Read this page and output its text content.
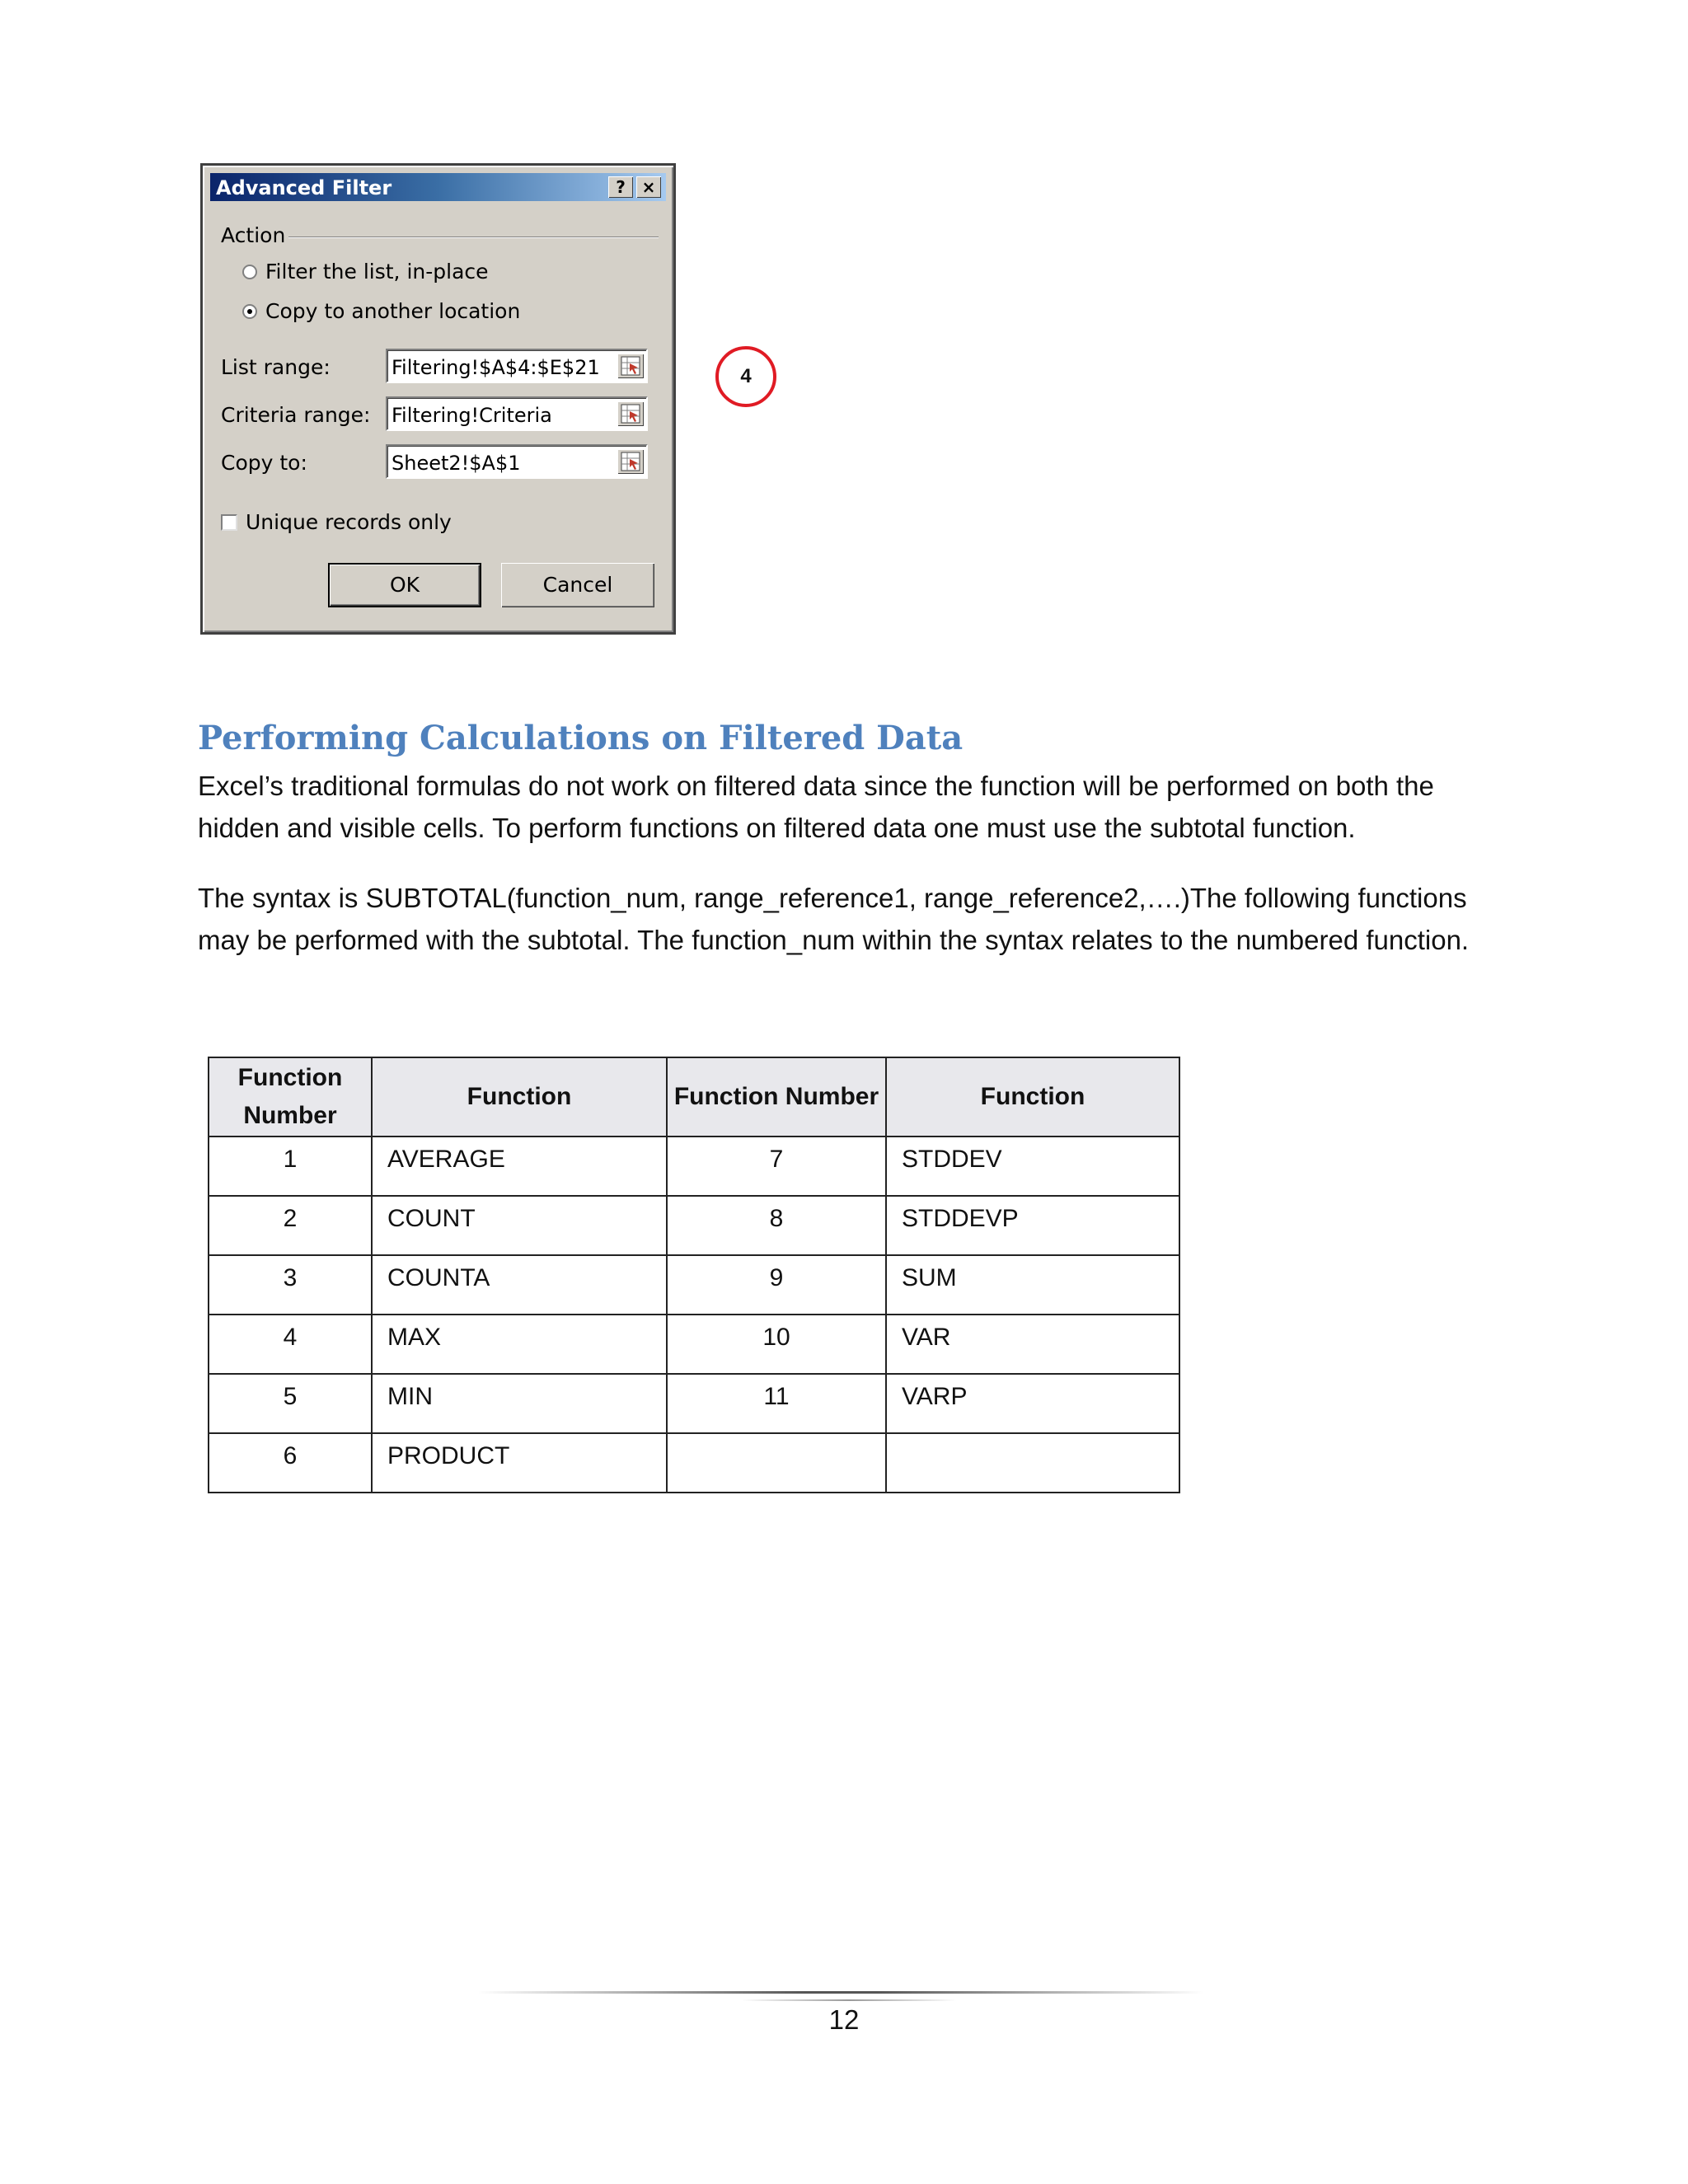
Advanced Filter	? ×
Action
Filter the list, in-place
Copy to another location
List range:	Filtering!$A$4:$E$21
Criteria range: Filtering!Criteria
Copy to:	Sheet2!$A$1
Unique records only
OK	Cancel
4
Performing Calculations on Filtered Data
Excel’s traditional formulas do not work on filtered data since the function will be performed on both the hidden and visible cells. To perform functions on filtered data one must use the subtotal function.
The syntax is SUBTOTAL(function_num, range_reference1, range_reference2,….)The following functions may be performed with the subtotal. The function_num within the syntax relates to the numbered function.
Function Number	Function	Function Number	Function
1	AVERAGE	7	STDDEV
2	COUNT	8	STDDEVP
3	COUNTA	9	SUM
4	MAX	10	VAR
5	MIN	11	VARP
6	PRODUCT		
12
